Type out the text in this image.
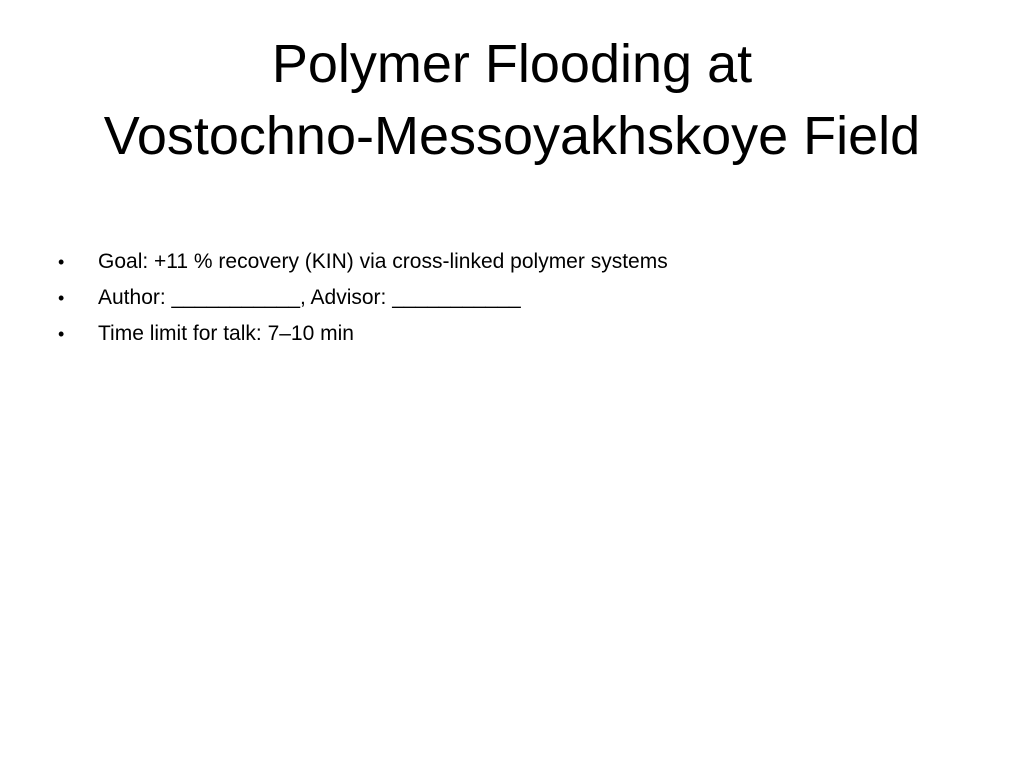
Polymer Flooding at
Vostochno-Messoyakhskoye Field
•	Goal: +11 % recovery (KIN) via cross-linked polymer systems
•	Author: ___________, Advisor: ___________
•	Time limit for talk: 7–10 min
